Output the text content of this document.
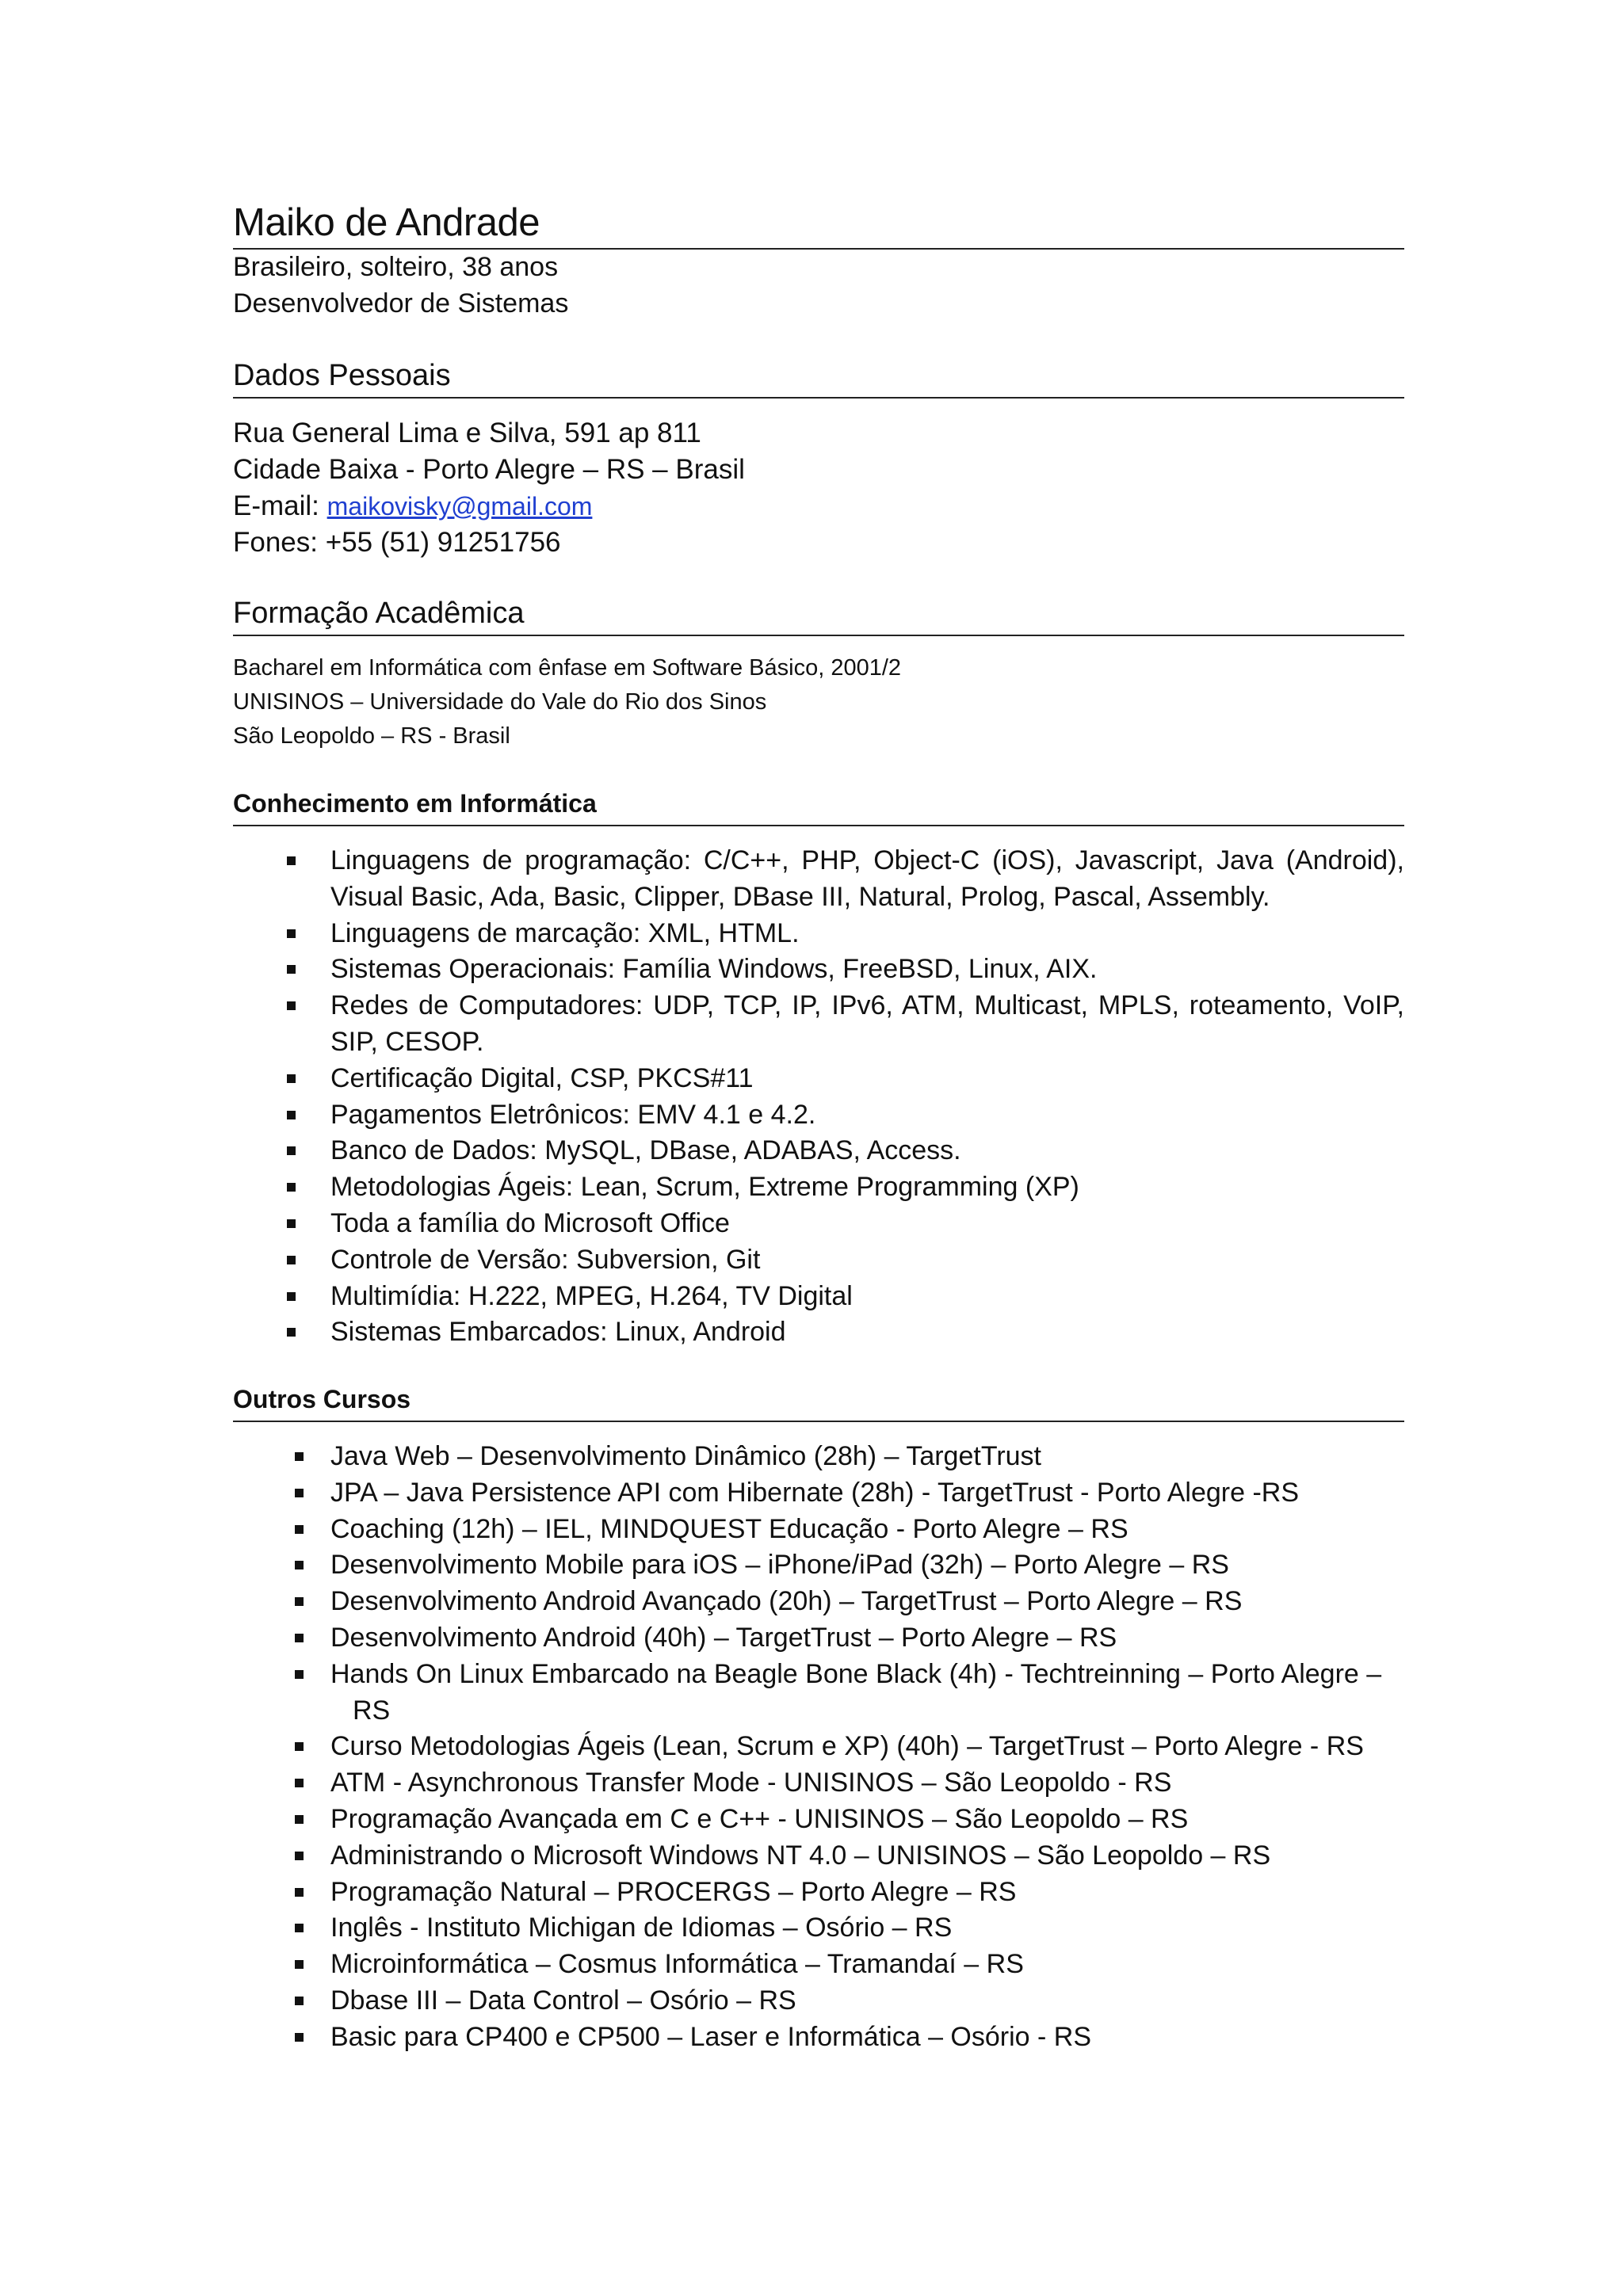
Maiko de Andrade
Brasileiro, solteiro, 38 anos
Desenvolvedor de Sistemas
Dados Pessoais
Rua General Lima e Silva, 591 ap 811
Cidade Baixa - Porto Alegre – RS – Brasil
E-mail: maikovisky@gmail.com
Fones: +55 (51) 91251756
Formação Acadêmica
Bacharel em Informática com ênfase em Software Básico, 2001/2
UNISINOS – Universidade do Vale do Rio dos Sinos
São Leopoldo – RS - Brasil
Conhecimento em Informática
Linguagens de programação: C/C++, PHP, Object-C (iOS), Javascript, Java (Android), Visual Basic, Ada, Basic, Clipper, DBase III, Natural, Prolog, Pascal, Assembly.
Linguagens de marcação: XML, HTML.
Sistemas Operacionais: Família Windows, FreeBSD, Linux, AIX.
Redes de Computadores: UDP, TCP, IP, IPv6, ATM, Multicast, MPLS, roteamento, VoIP, SIP, CESOP.
Certificação Digital, CSP, PKCS#11
Pagamentos Eletrônicos: EMV 4.1 e 4.2.
Banco de Dados: MySQL, DBase, ADABAS, Access.
Metodologias Ágeis: Lean, Scrum, Extreme Programming (XP)
Toda a família do Microsoft Office
Controle de Versão: Subversion, Git
Multimídia: H.222, MPEG, H.264, TV Digital
Sistemas Embarcados: Linux, Android
Outros Cursos
Java Web – Desenvolvimento Dinâmico (28h) – TargetTrust
JPA – Java Persistence API com Hibernate (28h) - TargetTrust - Porto Alegre -RS
Coaching (12h) – IEL, MINDQUEST Educação - Porto Alegre – RS
Desenvolvimento Mobile para iOS – iPhone/iPad (32h) – Porto Alegre – RS
Desenvolvimento Android Avançado (20h) – TargetTrust – Porto Alegre – RS
Desenvolvimento Android (40h) – TargetTrust – Porto Alegre – RS
Hands On Linux Embarcado na Beagle Bone Black (4h) - Techtreinning – Porto Alegre – RS
Curso Metodologias Ágeis (Lean, Scrum e XP) (40h) – TargetTrust – Porto Alegre - RS
ATM - Asynchronous Transfer Mode - UNISINOS – São Leopoldo - RS
Programação Avançada em C e C++ - UNISINOS – São Leopoldo – RS
Administrando o Microsoft Windows NT 4.0 – UNISINOS – São Leopoldo – RS
Programação Natural – PROCERGS – Porto Alegre – RS
Inglês - Instituto Michigan de Idiomas – Osório – RS
Microinformática – Cosmus Informática – Tramandaí – RS
Dbase III – Data Control – Osório – RS
Basic para CP400 e CP500 – Laser e Informática – Osório - RS
